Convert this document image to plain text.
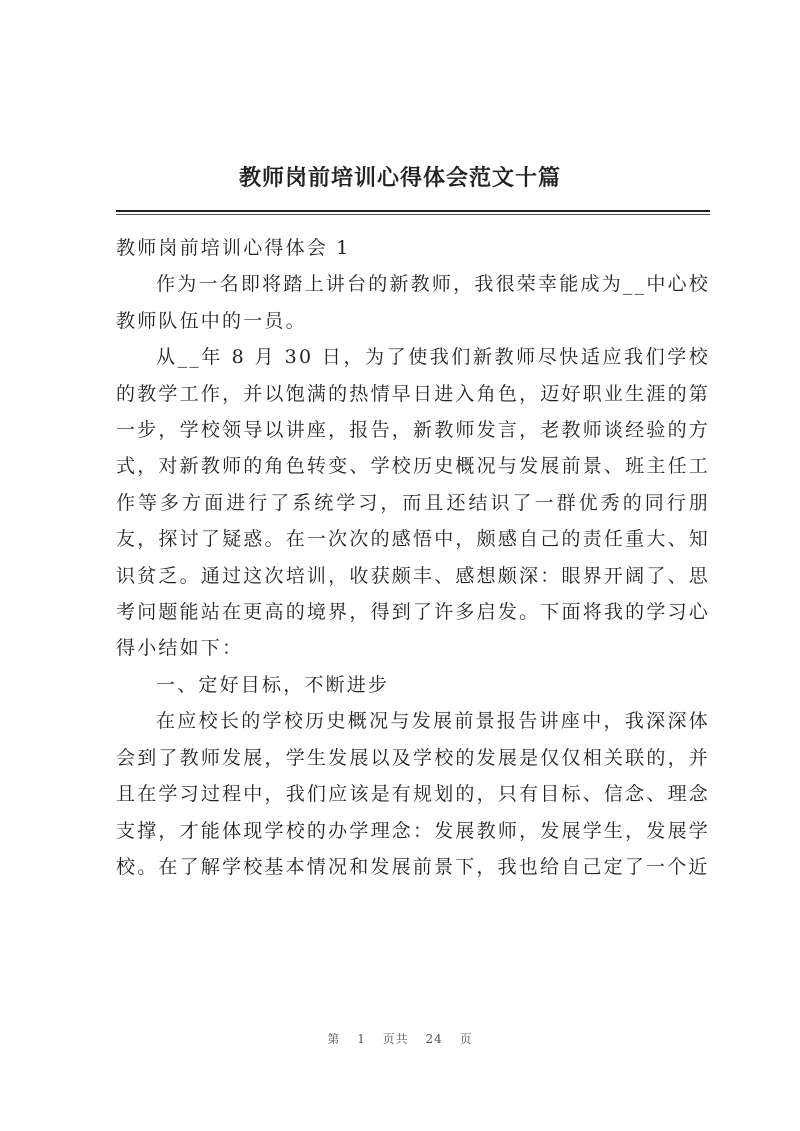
教师岗前培训心得体会范文十篇

教师岗前培训心得体会 1

作为一名即将踏上讲台的新教师，我很荣幸能成为__中心校教师队伍中的一员。

从__年 8 月 30 日，为了使我们新教师尽快适应我们学校的教学工作，并以饱满的热情早日进入角色，迈好职业生涯的第一步，学校领导以讲座，报告，新教师发言，老教师谈经验的方式，对新教师的角色转变、学校历史概况与发展前景、班主任工作等多方面进行了系统学习，而且还结识了一群优秀的同行朋友，探讨了疑惑。在一次次的感悟中，颇感自己的责任重大、知识贫乏。通过这次培训，收获颇丰、感想颇深：眼界开阔了、思考问题能站在更高的境界，得到了许多启发。下面将我的学习心得小结如下：

一、定好目标，不断进步

在应校长的学校历史概况与发展前景报告讲座中，我深深体会到了教师发展，学生发展以及学校的发展是仅仅相关联的，并且在学习过程中，我们应该是有规划的，只有目标、信念、理念支撑，才能体现学校的办学理念：发展教师，发展学生，发展学校。在了解学校基本情况和发展前景下，我也给自己定了一个近

第 1 页共 24 页
